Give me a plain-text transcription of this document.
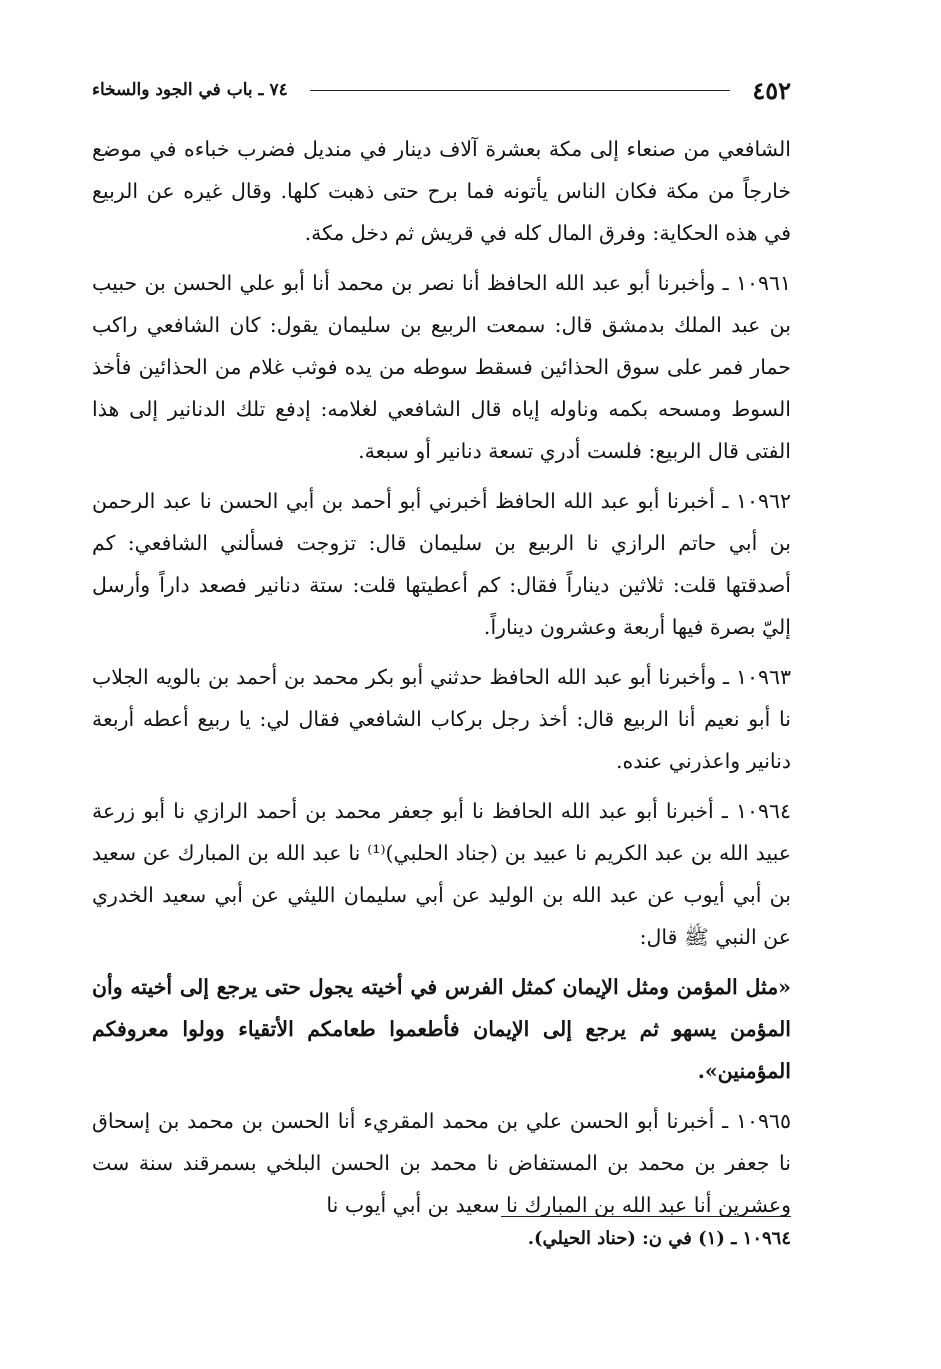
٤٥٢
٧٤ ـ باب في الجود والسخاء

الشافعي من صنعاء إلى مكة بعشرة آلاف دينار في منديل فضرب خباءه في موضع خارجاً من مكة فكان الناس يأتونه فما برح حتى ذهبت كلها. وقال غيره عن الربيع في هذه الحكاية: وفرق المال كله في قريش ثم دخل مكة.

١٠٩٦١ ـ وأخبرنا أبو عبد الله الحافظ أنا نصر بن محمد أنا أبو علي الحسن بن حبيب بن عبد الملك بدمشق قال: سمعت الربيع بن سليمان يقول: كان الشافعي راكب حمار فمر على سوق الحذائين فسقط سوطه من يده فوثب غلام من الحذائين فأخذ السوط ومسحه بكمه وناوله إياه قال الشافعي لغلامه: إدفع تلك الدنانير إلى هذا الفتى قال الربيع: فلست أدري تسعة دنانير أو سبعة.

١٠٩٦٢ ـ أخبرنا أبو عبد الله الحافظ أخبرني أبو أحمد بن أبي الحسن نا عبد الرحمن بن أبي حاتم الرازي نا الربيع بن سليمان قال: تزوجت فسألني الشافعي: كم أصدقتها قلت: ثلاثين ديناراً فقال: كم أعطيتها قلت: ستة دنانير فصعد داراً وأرسل إليّ بصرة فيها أربعة وعشرون ديناراً.

١٠٩٦٣ ـ وأخبرنا أبو عبد الله الحافظ حدثني أبو بكر محمد بن أحمد بن بالويه الجلاب نا أبو نعيم أنا الربيع قال: أخذ رجل بركاب الشافعي فقال لي: يا ربيع أعطه أربعة دنانير واعذرني عنده.

١٠٩٦٤ ـ أخبرنا أبو عبد الله الحافظ نا أبو جعفر محمد بن أحمد الرازي نا أبو زرعة عبيد الله بن عبد الكريم نا عبيد بن (جناد الحلبي)⁽¹⁾ نا عبد الله بن المبارك عن سعيد بن أبي أيوب عن عبد الله بن الوليد عن أبي سليمان الليثي عن أبي سعيد الخدري عن النبي ﷺ قال:

«مثل المؤمن ومثل الإيمان كمثل الفرس في أخيته يجول حتى يرجع إلى أخيته وأن المؤمن يسهو ثم يرجع إلى الإيمان فأطعموا طعامكم الأتقياء وولوا معروفكم المؤمنين».

١٠٩٦٥ ـ أخبرنا أبو الحسن علي بن محمد المقريء أنا الحسن بن محمد بن إسحاق نا جعفر بن محمد بن المستفاض نا محمد بن الحسن البلخي بسمرقند سنة ست وعشرين أنا عبد الله بن المبارك نا سعيد بن أبي أيوب نا

١٠٩٦٤ ـ (١) في ن: (حناد الحيلي).
